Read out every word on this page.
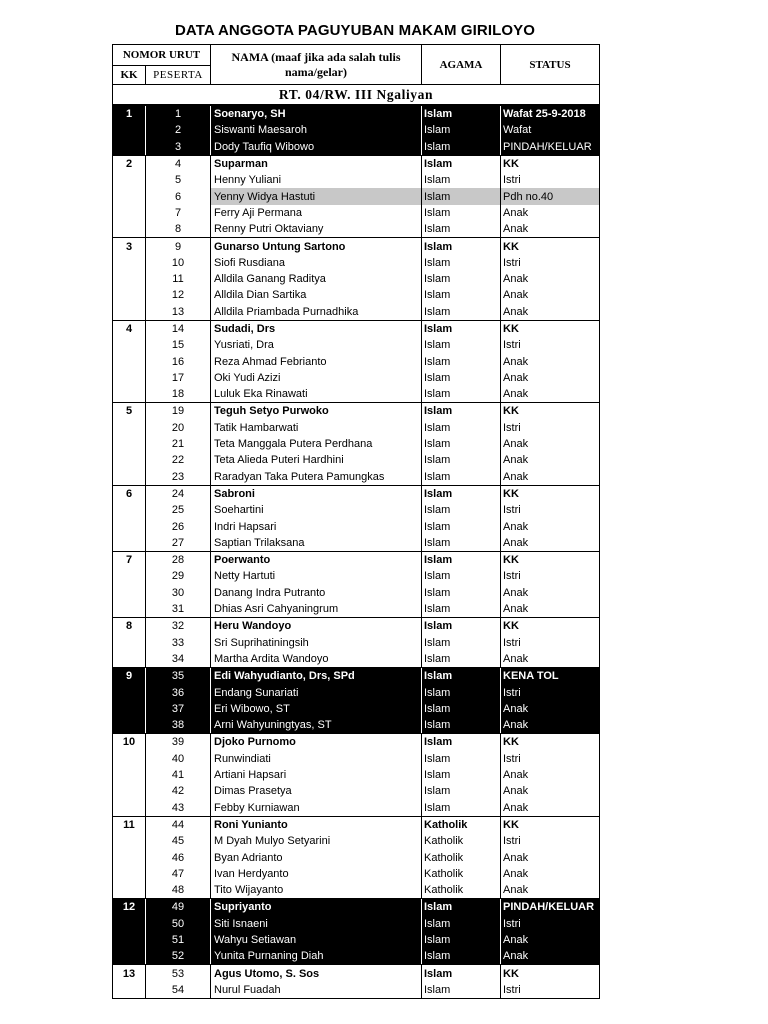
DATA ANGGOTA PAGUYUBAN MAKAM GIRILOYO
NOMOR URUT		NAMA (maaf jika ada salah tulis nama/gelar)	AGAMA	STATUS
KK	PESERTA			
RT. 04/RW. III Ngaliyan				
1	1	Soenaryo, SH	Islam	Wafat 25-9-2018
	2	Siswanti Maesaroh	Islam	Wafat
	3	Dody Taufiq Wibowo	Islam	PINDAH/KELUAR
2	4	Suparman	Islam	KK
	5	Henny Yuliani	Islam	Istri
	6	Yenny Widya Hastuti	Islam	Pdh no.40
	7	Ferry Aji Permana	Islam	Anak
	8	Renny Putri Oktaviany	Islam	Anak
3	9	Gunarso Untung Sartono	Islam	KK
	10	Siofi Rusdiana	Islam	Istri
	11	Alldila Ganang Raditya	Islam	Anak
	12	Alldila Dian Sartika	Islam	Anak
	13	Alldila Priambada Purnadhika	Islam	Anak
4	14	Sudadi, Drs	Islam	KK
	15	Yusriati, Dra	Islam	Istri
	16	Reza Ahmad Febrianto	Islam	Anak
	17	Oki Yudi Azizi	Islam	Anak
	18	Luluk Eka Rinawati	Islam	Anak
5	19	Teguh Setyo Purwoko	Islam	KK
	20	Tatik Hambarwati	Islam	Istri
	21	Teta Manggala Putera Perdhana	Islam	Anak
	22	Teta Alieda Puteri Hardhini	Islam	Anak
	23	Raradyan Taka Putera Pamungkas	Islam	Anak
6	24	Sabroni	Islam	KK
	25	Soehartini	Islam	Istri
	26	Indri Hapsari	Islam	Anak
	27	Saptian Trilaksana	Islam	Anak
7	28	Poerwanto	Islam	KK
	29	Netty Hartuti	Islam	Istri
	30	Danang Indra Putranto	Islam	Anak
	31	Dhias Asri Cahyaningrum	Islam	Anak
8	32	Heru Wandoyo	Islam	KK
	33	Sri Suprihatiningsih	Islam	Istri
	34	Martha Ardita Wandoyo	Islam	Anak
9	35	Edi Wahyudianto, Drs, SPd	Islam	KENA TOL
	36	Endang Sunariati	Islam	Istri
	37	Eri Wibowo, ST	Islam	Anak
	38	Arni Wahyuningtyas, ST	Islam	Anak
10	39	Djoko Purnomo	Islam	KK
	40	Runwindiati	Islam	Istri
	41	Artiani Hapsari	Islam	Anak
	42	Dimas Prasetya	Islam	Anak
	43	Febby Kurniawan	Islam	Anak
11	44	Roni Yunianto	Katholik	KK
	45	M Dyah Mulyo Setyarini	Katholik	Istri
	46	Byan Adrianto	Katholik	Anak
	47	Ivan Herdyanto	Katholik	Anak
	48	Tito Wijayanto	Katholik	Anak
12	49	Supriyanto	Islam	PINDAH/KELUAR
	50	Siti Isnaeni	Islam	Istri
	51	Wahyu Setiawan	Islam	Anak
	52	Yunita Purnaning Diah	Islam	Anak
13	53	Agus Utomo, S. Sos	Islam	KK
	54	Nurul Fuadah	Islam	Istri
